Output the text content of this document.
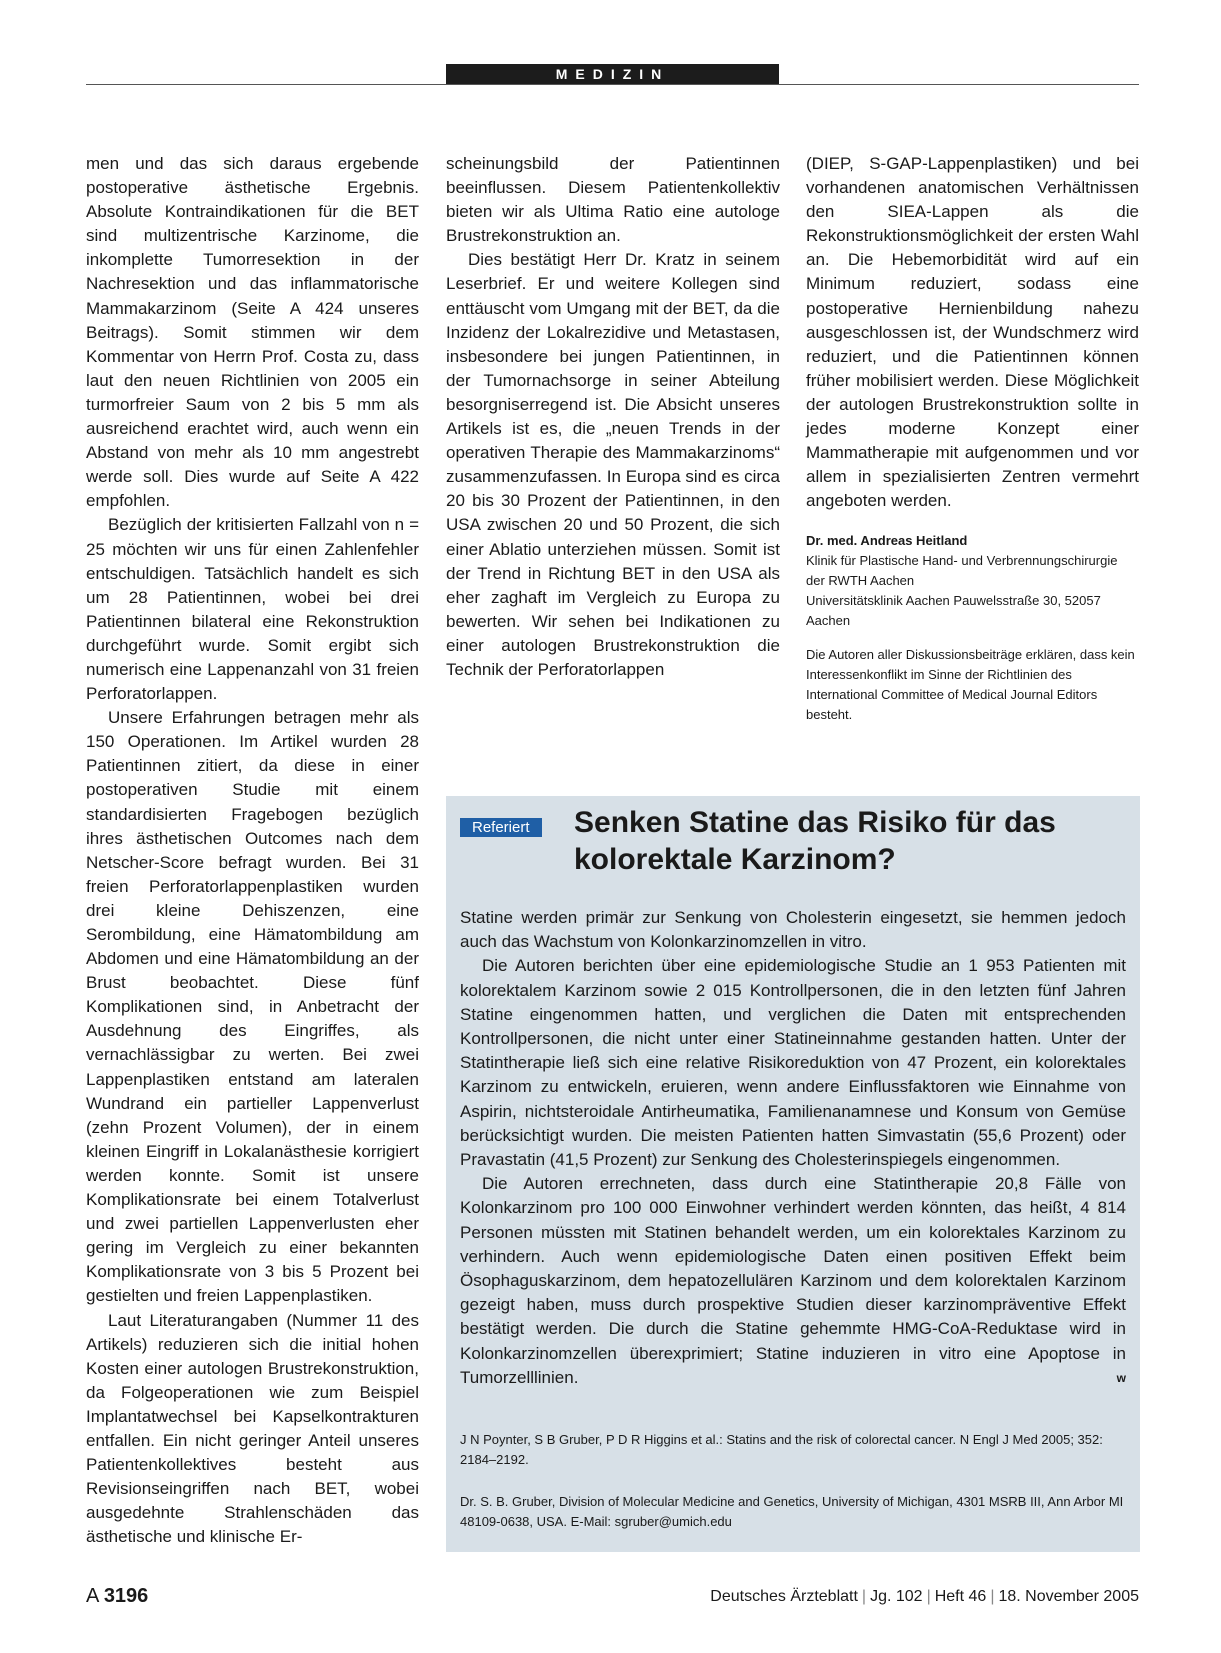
MEDIZIN

men und das sich daraus ergebende postoperative ästhetische Ergebnis. Absolute Kontraindikationen für die BET sind multizentrische Karzinome, die inkomplette Tumorresektion in der Nachresektion und das inflammatorische Mammakarzinom (Seite A 424 unseres Beitrags). Somit stimmen wir dem Kommentar von Herrn Prof. Costa zu, dass laut den neuen Richtlinien von 2005 ein turmorfreier Saum von 2 bis 5 mm als ausreichend erachtet wird, auch wenn ein Abstand von mehr als 10 mm angestrebt werde soll. Dies wurde auf Seite A 422 empfohlen.

Bezüglich der kritisierten Fallzahl von n = 25 möchten wir uns für einen Zahlenfehler entschuldigen. Tatsächlich handelt es sich um 28 Patientinnen, wobei bei drei Patientinnen bilateral eine Rekonstruktion durchgeführt wurde. Somit ergibt sich numerisch eine Lappenanzahl von 31 freien Perforatorlappen.

Unsere Erfahrungen betragen mehr als 150 Operationen. Im Artikel wurden 28 Patientinnen zitiert, da diese in einer postoperativen Studie mit einem standardisierten Fragebogen bezüglich ihres ästhetischen Outcomes nach dem Netscher-Score befragt wurden. Bei 31 freien Perforatorlappenplastiken wurden drei kleine Dehiszenzen, eine Serombildung, eine Hämatombildung am Abdomen und eine Hämatombildung an der Brust beobachtet. Diese fünf Komplikationen sind, in Anbetracht der Ausdehnung des Eingriffes, als vernachlässigbar zu werten. Bei zwei Lappenplastiken entstand am lateralen Wundrand ein partieller Lappenverlust (zehn Prozent Volumen), der in einem kleinen Eingriff in Lokalanästhesie korrigiert werden konnte. Somit ist unsere Komplikationsrate bei einem Totalverlust und zwei partiellen Lappenverlusten eher gering im Vergleich zu einer bekannten Komplikationsrate von 3 bis 5 Prozent bei gestielten und freien Lappenplastiken.

Laut Literaturangaben (Nummer 11 des Artikels) reduzieren sich die initial hohen Kosten einer autologen Brustrekonstruktion, da Folgeoperationen wie zum Beispiel Implantatwechsel bei Kapselkontrakturen entfallen. Ein nicht geringer Anteil unseres Patientenkollektives besteht aus Revisionseingriffen nach BET, wobei ausgedehnte Strahlenschäden das ästhetische und klinische Er-

scheinungsbild der Patientinnen beeinflussen. Diesem Patientenkollektiv bieten wir als Ultima Ratio eine autologe Brustrekonstruktion an.

Dies bestätigt Herr Dr. Kratz in seinem Leserbrief. Er und weitere Kollegen sind enttäuscht vom Umgang mit der BET, da die Inzidenz der Lokalrezidive und Metastasen, insbesondere bei jungen Patientinnen, in der Tumornachsorge in seiner Abteilung besorgniserregend ist. Die Absicht unseres Artikels ist es, die „neuen Trends in der operativen Therapie des Mammakarzinoms“ zusammenzufassen. In Europa sind es circa 20 bis 30 Prozent der Patientinnen, in den USA zwischen 20 und 50 Prozent, die sich einer Ablatio unterziehen müssen. Somit ist der Trend in Richtung BET in den USA als eher zaghaft im Vergleich zu Europa zu bewerten. Wir sehen bei Indikationen zu einer autologen Brustrekonstruktion die Technik der Perforatorlappen

(DIEP, S-GAP-Lappenplastiken) und bei vorhandenen anatomischen Verhältnissen den SIEA-Lappen als die Rekonstruktionsmöglichkeit der ersten Wahl an. Die Hebemorbidität wird auf ein Minimum reduziert, sodass eine postoperative Hernienbildung nahezu ausgeschlossen ist, der Wundschmerz wird reduziert, und die Patientinnen können früher mobilisiert werden. Diese Möglichkeit der autologen Brustrekonstruktion sollte in jedes moderne Konzept einer Mammatherapie mit aufgenommen und vor allem in spezialisierten Zentren vermehrt angeboten werden.

Dr. med. Andreas Heitland
Klinik für Plastische Hand- und Verbrennungschirurgie
der RWTH Aachen
Universitätsklinik Aachen Pauwelsstraße 30, 52057 Aachen
Die Autoren aller Diskussionsbeiträge erklären, dass kein Interessenkonflikt im Sinne der Richtlinien des International Committee of Medical Journal Editors besteht.
Referiert	Senken Statine das Risiko für das kolorektale Karzinom?

Statine werden primär zur Senkung von Cholesterin eingesetzt, sie hemmen jedoch auch das Wachstum von Kolonkarzinomzellen in vitro.

Die Autoren berichten über eine epidemiologische Studie an 1 953 Patienten mit kolorektalem Karzinom sowie 2 015 Kontrollpersonen, die in den letzten fünf Jahren Statine eingenommen hatten, und verglichen die Daten mit entsprechenden Kontrollpersonen, die nicht unter einer Statineinnahme gestanden hatten. Unter der Statintherapie ließ sich eine relative Risikoreduktion von 47 Prozent, ein kolorektales Karzinom zu entwickeln, eruieren, wenn andere Einflussfaktoren wie Einnahme von Aspirin, nichtsteroidale Antirheumatika, Familienanamnese und Konsum von Gemüse berücksichtigt wurden. Die meisten Patienten hatten Simvastatin (55,6 Prozent) oder Pravastatin (41,5 Prozent) zur Senkung des Cholesterinspiegels eingenommen.

Die Autoren errechneten, dass durch eine Statintherapie 20,8 Fälle von Kolonkarzinom pro 100 000 Einwohner verhindert werden könnten, das heißt, 4 814 Personen müssten mit Statinen behandelt werden, um ein kolorektales Karzinom zu verhindern. Auch wenn epidemiologische Daten einen positiven Effekt beim Ösophaguskarzinom, dem hepatozellulären Karzinom und dem kolorektalen Karzinom gezeigt haben, muss durch prospektive Studien dieser karzinompräventive Effekt bestätigt werden. Die durch die Statine gehemmte HMG-CoA-Reduktase wird in Kolonkarzinomzellen überexprimiert; Statine induzieren in vitro eine Apoptose in Tumorzelllinien.	w

J N Poynter, S B Gruber, P D R Higgins et al.: Statins and the risk of colorectal cancer. N Engl J Med 2005; 352: 2184–2192.
Dr. S. B. Gruber, Division of Molecular Medicine and Genetics, University of Michigan, 4301 MSRB III, Ann Arbor MI 48109-0638, USA. E-Mail: sgruber@umich.edu
A 3196	Deutsches Ärzteblatt | Jg. 102 | Heft 46 | 18. November 2005
